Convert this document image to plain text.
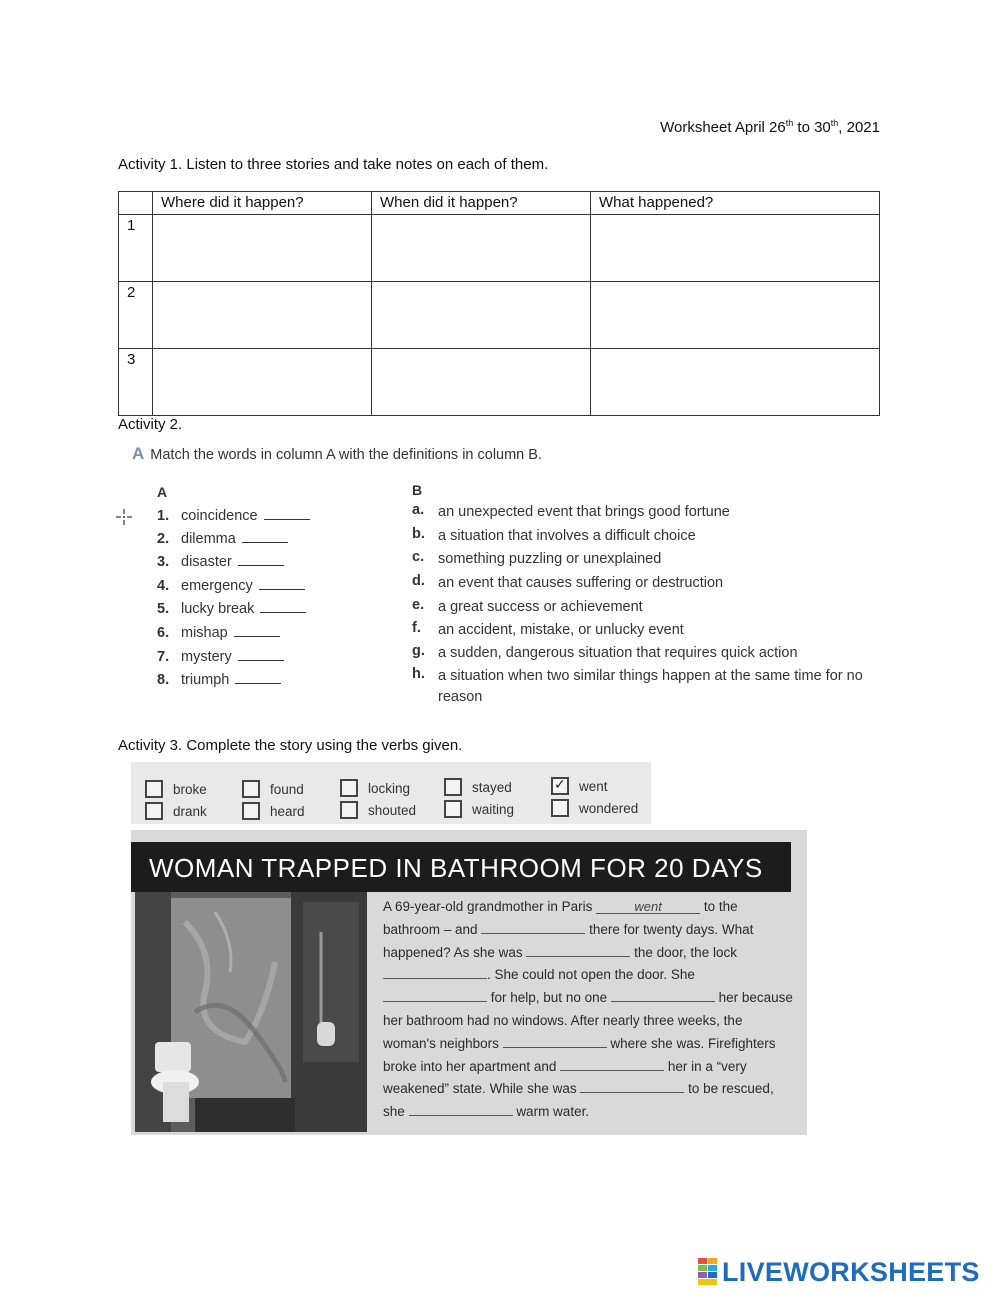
Worksheet April 26th to 30th, 2021
Activity 1. Listen to three stories and take notes on each of them.
	Where did it happen?	When did it happen?	What happened?
1			
2			
3			
Activity 2.
A Match the words in column A with the definitions in column B.
A	B
1. coincidence
2. dilemma
3. disaster
4. emergency
5. lucky break
6. mishap
7. mystery
8. triumph
a. an unexpected event that brings good fortune
b. a situation that involves a difficult choice
c. something puzzling or unexplained
d. an event that causes suffering or destruction
e. a great success or achievement
f. an accident, mistake, or unlucky event
g. a sudden, dangerous situation that requires quick action
h. a situation when two similar things happen at the same time for no reason
Activity 3. Complete the story using the verbs given.
broke	found	locking	stayed ✓	went
drank	heard	shouted	waiting	wondered
WOMAN TRAPPED IN BATHROOM FOR 20 DAYS
A 69-year-old grandmother in Paris	went	to the bathroom – and	there for twenty days. What happened? As she was	the door, the lock . She could not open the door. She  for help, but no one	her because her bathroom had no windows. After nearly three weeks, the woman's neighbors	where she was. Firefighters broke into her apartment and	her in a “very weakened” state. While she was	to be rescued, she	warm water.
LIVEWORKSHEETS
